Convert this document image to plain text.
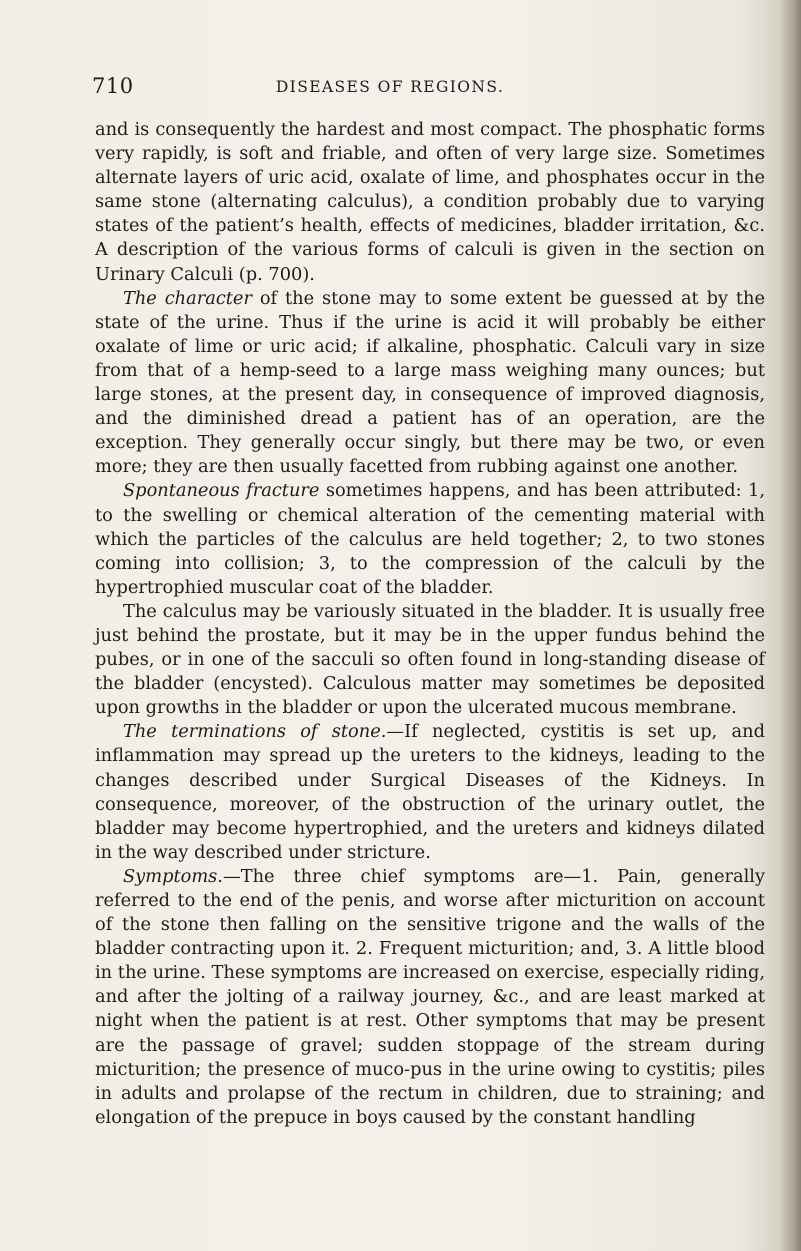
710	DISEASES OF REGIONS.

and is consequently the hardest and most compact. The phosphatic forms very rapidly, is soft and friable, and often of very large size. Sometimes alternate layers of uric acid, oxalate of lime, and phosphates occur in the same stone (alternating calculus), a condition probably due to varying states of the patient’s health, effects of medicines, bladder irritation, &c. A description of the various forms of calculi is given in the section on Urinary Calculi (p. 700).

The character of the stone may to some extent be guessed at by the state of the urine. Thus if the urine is acid it will probably be either oxalate of lime or uric acid; if alkaline, phosphatic. Calculi vary in size from that of a hemp-seed to a large mass weighing many ounces; but large stones, at the present day, in consequence of improved diagnosis, and the diminished dread a patient has of an operation, are the exception. They generally occur singly, but there may be two, or even more; they are then usually facetted from rubbing against one another.

Spontaneous fracture sometimes happens, and has been attributed: 1, to the swelling or chemical alteration of the cementing material with which the particles of the calculus are held together; 2, to two stones coming into collision; 3, to the compression of the calculi by the hypertrophied muscular coat of the bladder.

The calculus may be variously situated in the bladder. It is usually free just behind the prostate, but it may be in the upper fundus behind the pubes, or in one of the sacculi so often found in long-standing disease of the bladder (encysted). Calculous matter may sometimes be deposited upon growths in the bladder or upon the ulcerated mucous membrane.

The terminations of stone.—If neglected, cystitis is set up, and inflammation may spread up the ureters to the kidneys, leading to the changes described under Surgical Diseases of the Kidneys. In consequence, moreover, of the obstruction of the urinary outlet, the bladder may become hypertrophied, and the ureters and kidneys dilated in the way described under stricture.

Symptoms.—The three chief symptoms are—1. Pain, generally referred to the end of the penis, and worse after micturition on account of the stone then falling on the sensitive trigone and the walls of the bladder contracting upon it. 2. Frequent micturition; and, 3. A little blood in the urine. These symptoms are increased on exercise, especially riding, and after the jolting of a railway journey, &c., and are least marked at night when the patient is at rest. Other symptoms that may be present are the passage of gravel; sudden stoppage of the stream during micturition; the presence of muco-pus in the urine owing to cystitis; piles in adults and prolapse of the rectum in children, due to straining; and elongation of the prepuce in boys caused by the constant handling
